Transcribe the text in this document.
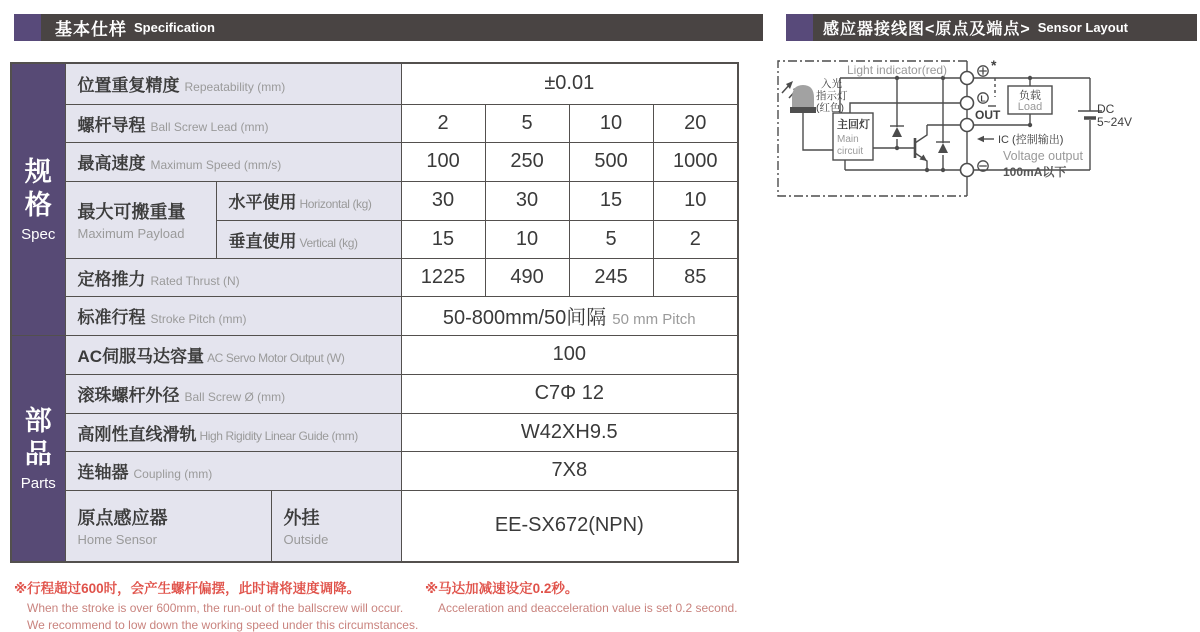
基本仕样 Specification	感应器接线图<原点及端点> Sensor Layout
规格
Spec	位置重复精度 Repeatability (mm)			±0.01			
	螺杆导程 Ball Screw Lead (mm)			2	5	10	20
	最高速度 Maximum Speed (mm/s)			100	250	500	1000

	最大可搬重量
Maximum Payload	水平使用 Horizontal (kg)		30	30	15	10
		垂直使用 Vertical (kg)		15	10	5	2
	定格推力 Rated Thrust (N)			1225	490	245	85
	标准行程 Stroke Pitch (mm)			50-800mm/50间隔 50 mm Pitch			
部品
Parts	AC伺服马达容量 AC Servo Motor Output (W)			100			
	滚珠螺杆外径 Ball Screw Ø (mm)			C7Φ 12			
	高刚性直线滑轨 High Rigidity Linear Guide (mm)			W42XH9.5			
	连轴器 Coupling (mm)			7X8			

	原点感应器
Home Sensor		外挂
Outside	EE-SX672(NPN)			
※行程超过600时，会产生螺杆偏摆，此时请将速度调降。
When the stroke is over 600mm, the run-out of the ballscrew will occur.
We recommend to low down the working speed under this circumstances.
※马达加减速设定0.2秒。
Acceleration and deacceleration value is set 0.2 second.
*
L
OUT
IC (控制输出)
100mA以下
入光
指示灯
(红色)
主回灯
负载
DC
5~24V
Light indicator(red)
Main
circuit
Load
Voltage output
